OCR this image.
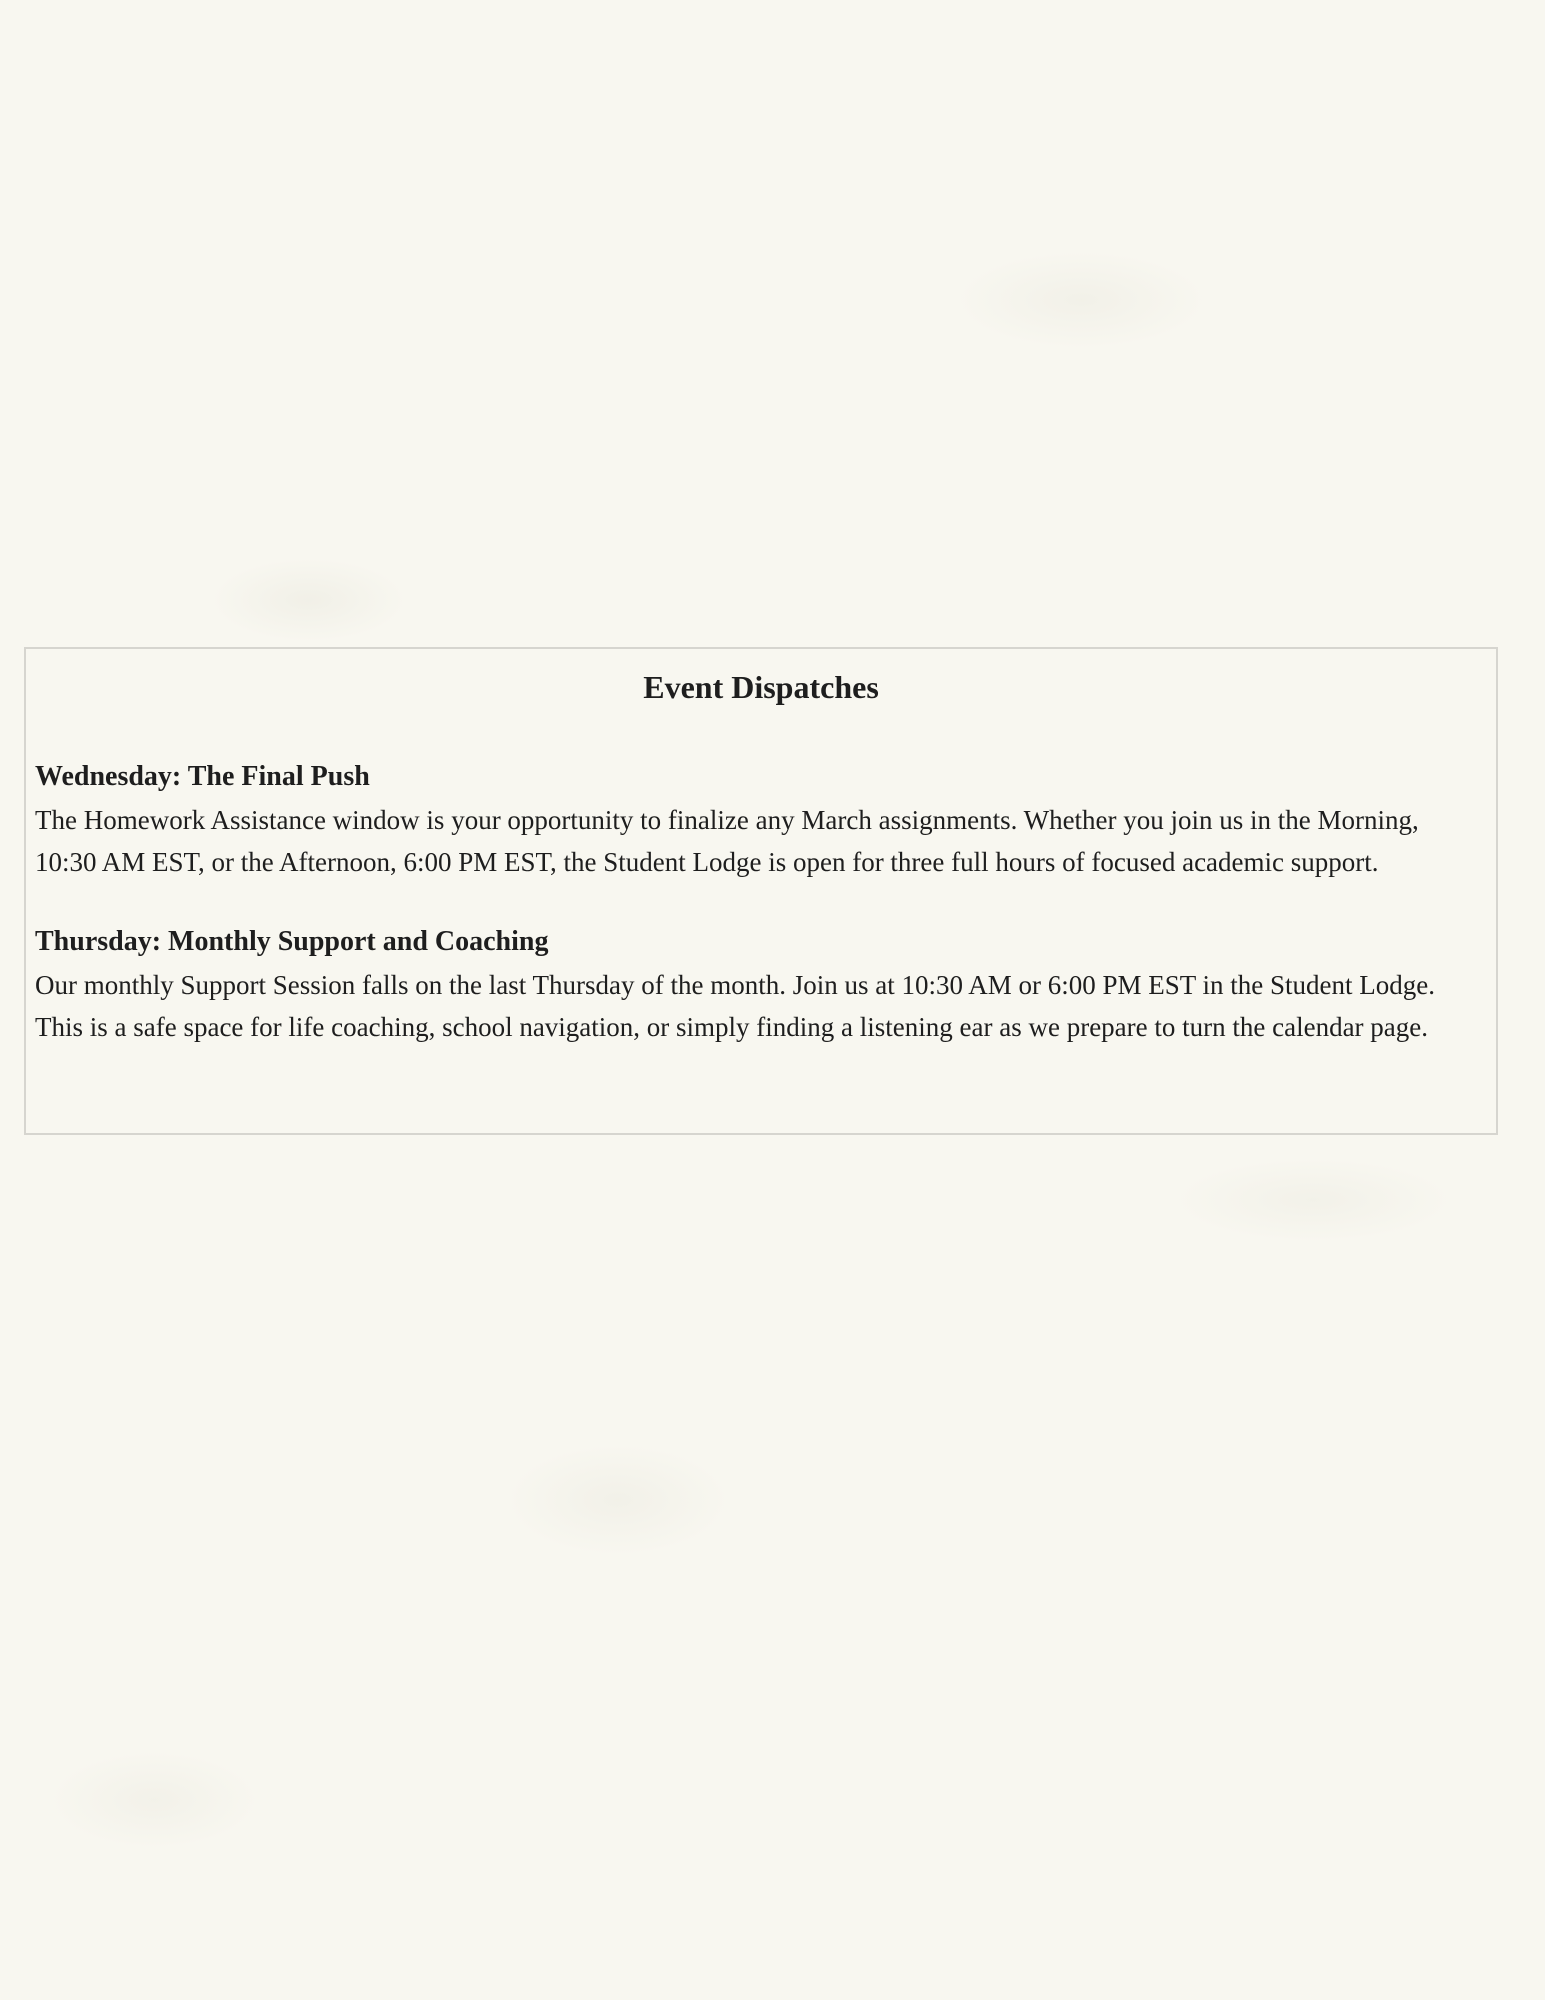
Event Dispatches

Wednesday: The Final Push

The Homework Assistance window is your opportunity to finalize any March assignments. Whether you join us in the Morning, 10:30 AM EST, or the Afternoon, 6:00 PM EST, the Student Lodge is open for three full hours of focused academic support.

Thursday: Monthly Support and Coaching

Our monthly Support Session falls on the last Thursday of the month. Join us at 10:30 AM or 6:00 PM EST in the Student Lodge. This is a safe space for life coaching, school navigation, or simply finding a listening ear as we prepare to turn the calendar page.
